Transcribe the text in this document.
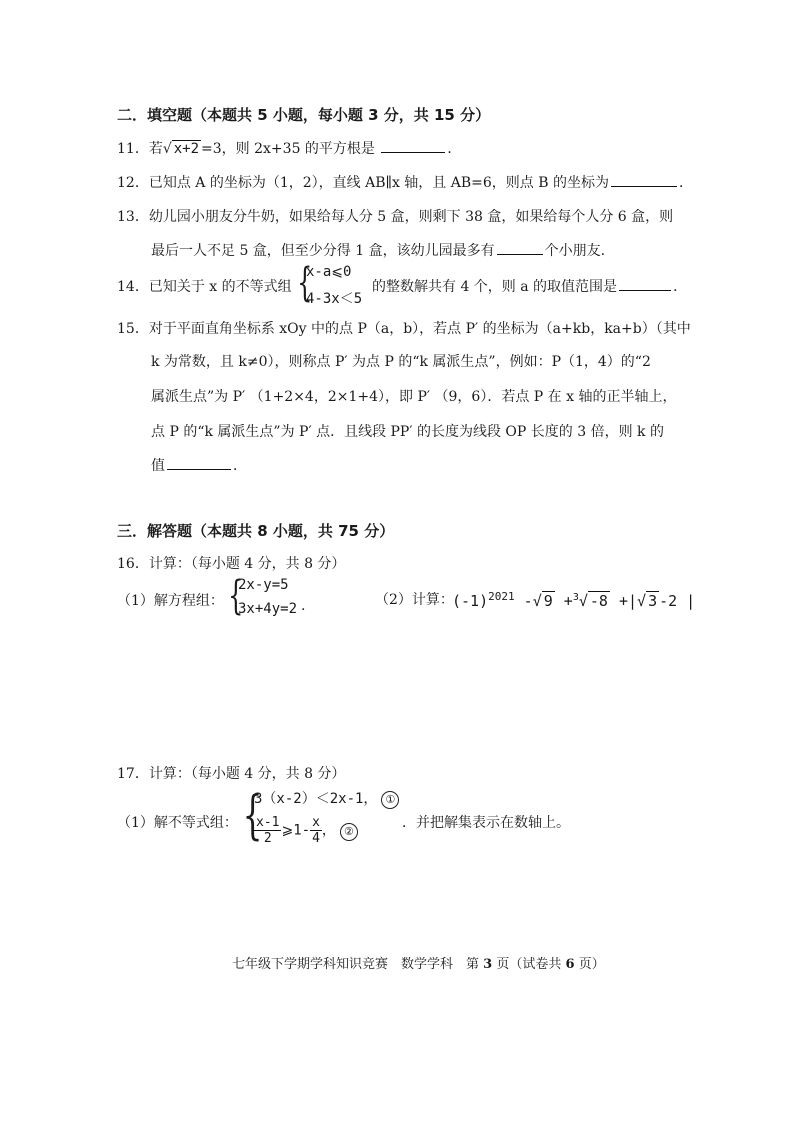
二．填空题（本题共 5 小题，每小题 3 分，共 15 分）
11．若√ x+2 =3，则 2x+35 的平方根是	．
12．已知点 A 的坐标为（1，2），直线 AB∥x 轴，且 AB=6，则点 B 的坐标为	．
13．幼儿园小朋友分牛奶，如果给每人分 5 盒，则剩下 38 盒，如果给每个人分 6 盒，则
最后一人不足 5 盒，但至少分得 1 盒，该幼儿园最多有	个小朋友.
14．已知关于 x 的不等式组 {
x-a⩽0
4-3x＜5
的整数解共有 4 个，则 a 的取值范围是	．
15．对于平面直角坐标系 xOy 中的点 P（a，b），若点 P′ 的坐标为（a+kb，ka+b）（其中
k 为常数，且 k≠0），则称点 P′ 为点 P 的“k 属派生点”，例如：P（1，4）的“2
属派生点”为 P′ （1+2×4，2×1+4），即 P′ （9，6）．若点 P 在 x 轴的正半轴上，
点 P 的“k 属派生点”为 P′ 点．且线段 PP′ 的长度为线段 OP 长度的 3 倍，则 k 的
值	．
三．解答题（本题共 8 小题，共 75 分）
16．计算：（每小题 4 分，共 8 分）
（1）解方程组： {
2x-y=5
3x+4y=2 .	（2）计算：
$(-1)^{2021}$ -√ 9 +$^3$√ -8 +|√ 3 -2 |
17．计算：（每小题 4 分，共 8 分）
（1）解不等式组： {
3（x-2）＜2x-1， ①
$\frac{x-1}{2}$ ⩾1- $\frac{x}{4}$ ， ②	．并把解集表示在数轴上。
七年级下学期学科知识竞赛　数学学科　第 3 页（试卷共 6 页）
